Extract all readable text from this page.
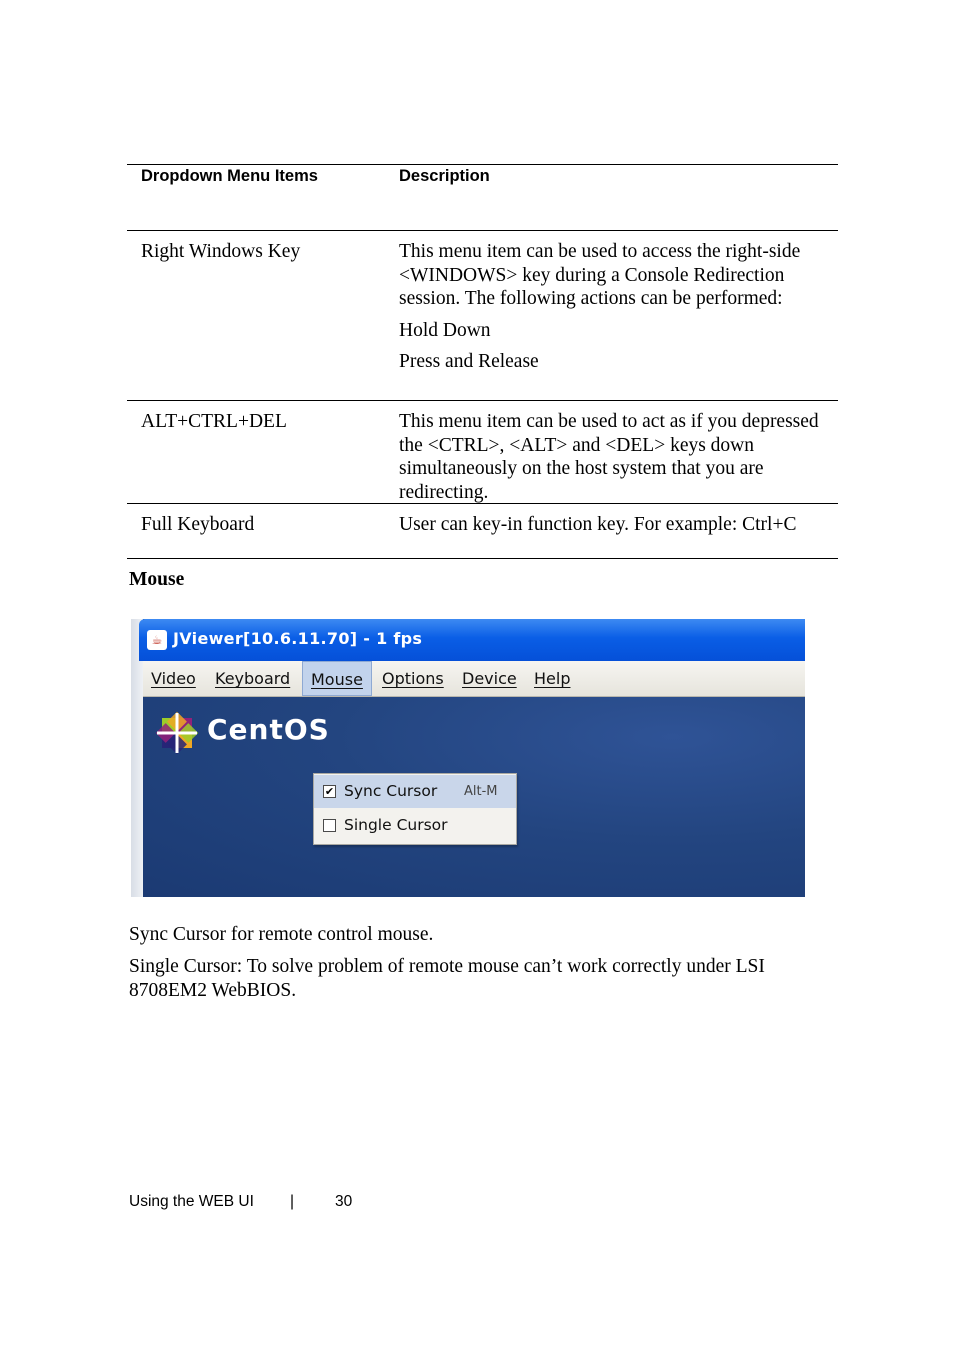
Dropdown Menu Items	Description
Right Windows Key	This menu item can be used to access the right-side <WINDOWS> key during a Console Redirection session. The following actions can be performed:

Hold Down

Press and Release

ALT+CTRL+DEL	This menu item can be used to act as if you depressed the <CTRL>, <ALT> and <DEL> keys down simultaneously on the host system that you are redirecting.

Full Keyboard	User can key-in function key. For example: Ctrl+C

Mouse
☕ JViewer[10.6.11.70] - 1 fps
Video	Keyboard	Mouse	Options	Device	Help
CentOS
✔ Sync Cursor Alt-M
Single Cursor
Sync Cursor for remote control mouse.
Single Cursor: To solve problem of remote mouse can’t work correctly under LSI 8708EM2 WebBIOS.
Using the WEB UI |	30
